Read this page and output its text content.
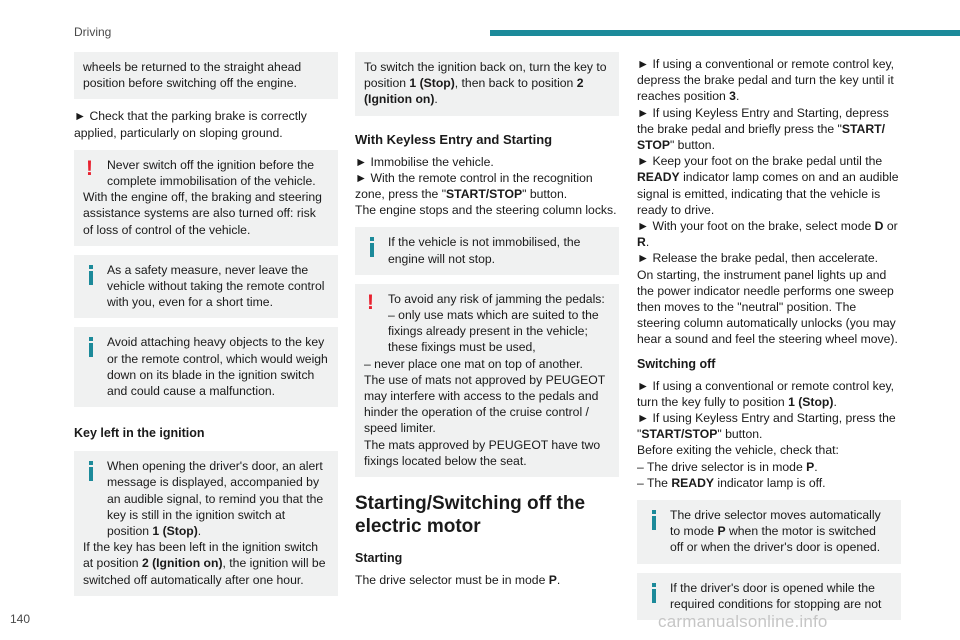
Driving
wheels be returned to the straight ahead position before switching off the engine.
► Check that the parking brake is correctly applied, particularly on sloping ground.
! Never switch off the ignition before the complete immobilisation of the vehicle.
With the engine off, the braking and steering assistance systems are also turned off: risk of loss of control of the vehicle.
As a safety measure, never leave the vehicle without taking the remote control with you, even for a short time.
Avoid attaching heavy objects to the key or the remote control, which would weigh down on its blade in the ignition switch and could cause a malfunction.
Key left in the ignition
When opening the driver's door, an alert message is displayed, accompanied by an audible signal, to remind you that the key is still in the ignition switch at position 1 (Stop).
If the key has been left in the ignition switch at position 2 (Ignition on), the ignition will be switched off automatically after one hour.
To switch the ignition back on, turn the key to position 1 (Stop), then back to position 2 (Ignition on).
With Keyless Entry and Starting
► Immobilise the vehicle.
► With the remote control in the recognition zone, press the "START/STOP" button.
The engine stops and the steering column locks.
If the vehicle is not immobilised, the engine will not stop.
! To avoid any risk of jamming the pedals:
– only use mats which are suited to the fixings already present in the vehicle; these fixings must be used,
– never place one mat on top of another.
The use of mats not approved by PEUGEOT may interfere with access to the pedals and hinder the operation of the cruise control / speed limiter.
The mats approved by PEUGEOT have two fixings located below the seat.
Starting/Switching off the electric motor
Starting
The drive selector must be in mode P.
► If using a conventional or remote control key, depress the brake pedal and turn the key until it reaches position 3.
► If using Keyless Entry and Starting, depress the brake pedal and briefly press the "START/ STOP" button.
► Keep your foot on the brake pedal until the READY indicator lamp comes on and an audible signal is emitted, indicating that the vehicle is ready to drive.
► With your foot on the brake, select mode D or R.
► Release the brake pedal, then accelerate.
On starting, the instrument panel lights up and the power indicator needle performs one sweep then moves to the "neutral" position. The steering column automatically unlocks (you may hear a sound and feel the steering wheel move).
Switching off
► If using a conventional or remote control key, turn the key fully to position 1 (Stop).
► If using Keyless Entry and Starting, press the "START/STOP" button.
Before exiting the vehicle, check that:
– The drive selector is in mode P.
– The READY indicator lamp is off.
The drive selector moves automatically to mode P when the motor is switched off or when the driver's door is opened.
If the driver's door is opened while the required conditions for stopping are not
140	carmanualsonline.info
